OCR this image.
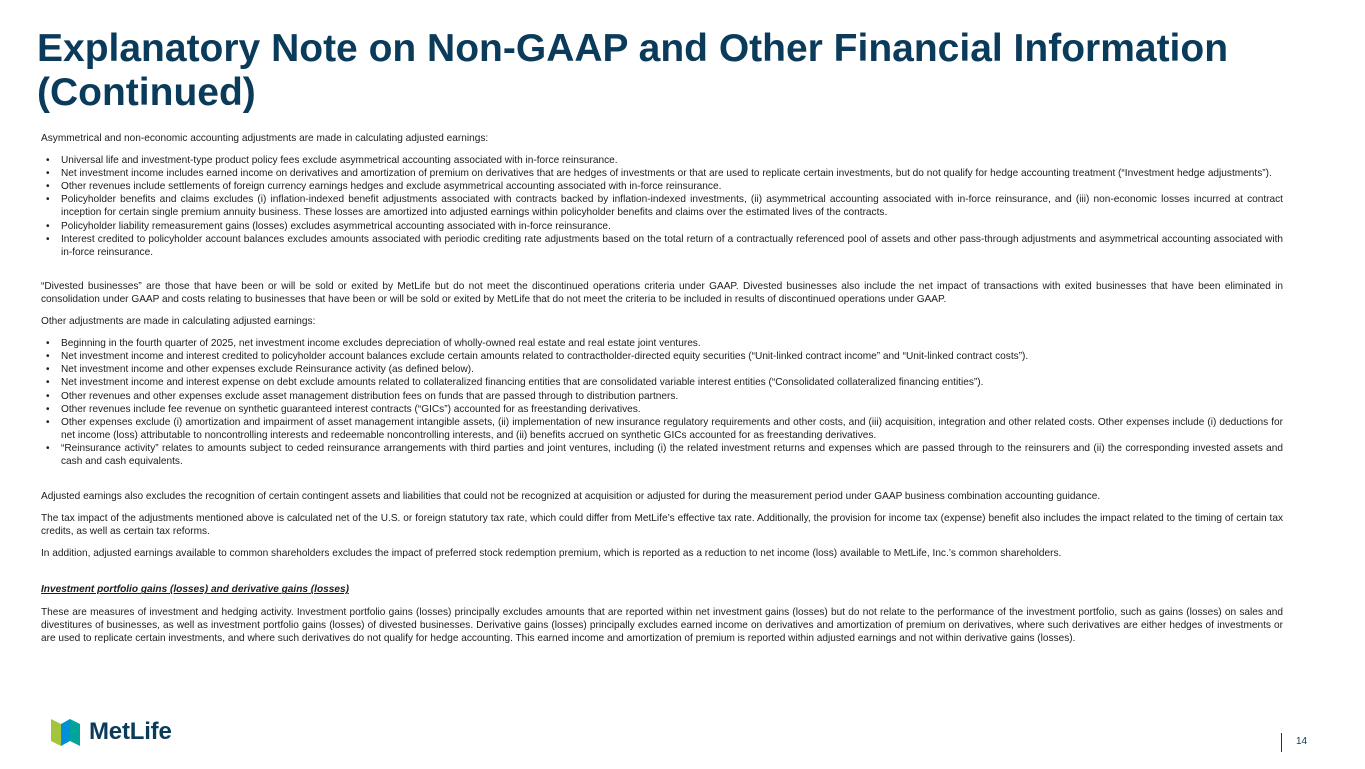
Explanatory Note on Non-GAAP and Other Financial Information (Continued)

Asymmetrical and non-economic accounting adjustments are made in calculating adjusted earnings:

• Universal life and investment-type product policy fees exclude asymmetrical accounting associated with in-force reinsurance.
• Net investment income includes earned income on derivatives and amortization of premium on derivatives that are hedges of investments or that are used to replicate certain investments, but do not qualify for hedge accounting treatment (“Investment hedge adjustments”).
• Other revenues include settlements of foreign currency earnings hedges and exclude asymmetrical accounting associated with in-force reinsurance.
• Policyholder benefits and claims excludes (i) inflation-indexed benefit adjustments associated with contracts backed by inflation-indexed investments, (ii) asymmetrical accounting associated with in-force reinsurance, and (iii) non-economic losses incurred at contract inception for certain single premium annuity business. These losses are amortized into adjusted earnings within policyholder benefits and claims over the estimated lives of the contracts.
• Policyholder liability remeasurement gains (losses) excludes asymmetrical accounting associated with in-force reinsurance.
• Interest credited to policyholder account balances excludes amounts associated with periodic crediting rate adjustments based on the total return of a contractually referenced pool of assets and other pass-through adjustments and asymmetrical accounting associated with in-force reinsurance.

“Divested businesses” are those that have been or will be sold or exited by MetLife but do not meet the discontinued operations criteria under GAAP. Divested businesses also include the net impact of transactions with exited businesses that have been eliminated in consolidation under GAAP and costs relating to businesses that have been or will be sold or exited by MetLife that do not meet the criteria to be included in results of discontinued operations under GAAP.

Other adjustments are made in calculating adjusted earnings:

• Beginning in the fourth quarter of 2025, net investment income excludes depreciation of wholly-owned real estate and real estate joint ventures.
• Net investment income and interest credited to policyholder account balances exclude certain amounts related to contractholder-directed equity securities (“Unit-linked contract income” and “Unit-linked contract costs”).
• Net investment income and other expenses exclude Reinsurance activity (as defined below).
• Net investment income and interest expense on debt exclude amounts related to collateralized financing entities that are consolidated variable interest entities (“Consolidated collateralized financing entities”).
• Other revenues and other expenses exclude asset management distribution fees on funds that are passed through to distribution partners.
• Other revenues include fee revenue on synthetic guaranteed interest contracts (“GICs”) accounted for as freestanding derivatives.
• Other expenses exclude (i) amortization and impairment of asset management intangible assets, (ii) implementation of new insurance regulatory requirements and other costs, and (iii) acquisition, integration and other related costs. Other expenses include (i) deductions for net income (loss) attributable to noncontrolling interests and redeemable noncontrolling interests, and (ii) benefits accrued on synthetic GICs accounted for as freestanding derivatives.
• “Reinsurance activity” relates to amounts subject to ceded reinsurance arrangements with third parties and joint ventures, including (i) the related investment returns and expenses which are passed through to the reinsurers and (ii) the corresponding invested assets and cash and cash equivalents.

Adjusted earnings also excludes the recognition of certain contingent assets and liabilities that could not be recognized at acquisition or adjusted for during the measurement period under GAAP business combination accounting guidance.

The tax impact of the adjustments mentioned above is calculated net of the U.S. or foreign statutory tax rate, which could differ from MetLife’s effective tax rate. Additionally, the provision for income tax (expense) benefit also includes the impact related to the timing of certain tax credits, as well as certain tax reforms.

In addition, adjusted earnings available to common shareholders excludes the impact of preferred stock redemption premium, which is reported as a reduction to net income (loss) available to MetLife, Inc.’s common shareholders.

Investment portfolio gains (losses) and derivative gains (losses)

These are measures of investment and hedging activity. Investment portfolio gains (losses) principally excludes amounts that are reported within net investment gains (losses) but do not relate to the performance of the investment portfolio, such as gains (losses) on sales and divestitures of businesses, as well as investment portfolio gains (losses) of divested businesses. Derivative gains (losses) principally excludes earned income on derivatives and amortization of premium on derivatives, where such derivatives are either hedges of investments or are used to replicate certain investments, and where such derivatives do not qualify for hedge accounting. This earned income and amortization of premium is reported within adjusted earnings and not within derivative gains (losses).

MetLife	14
